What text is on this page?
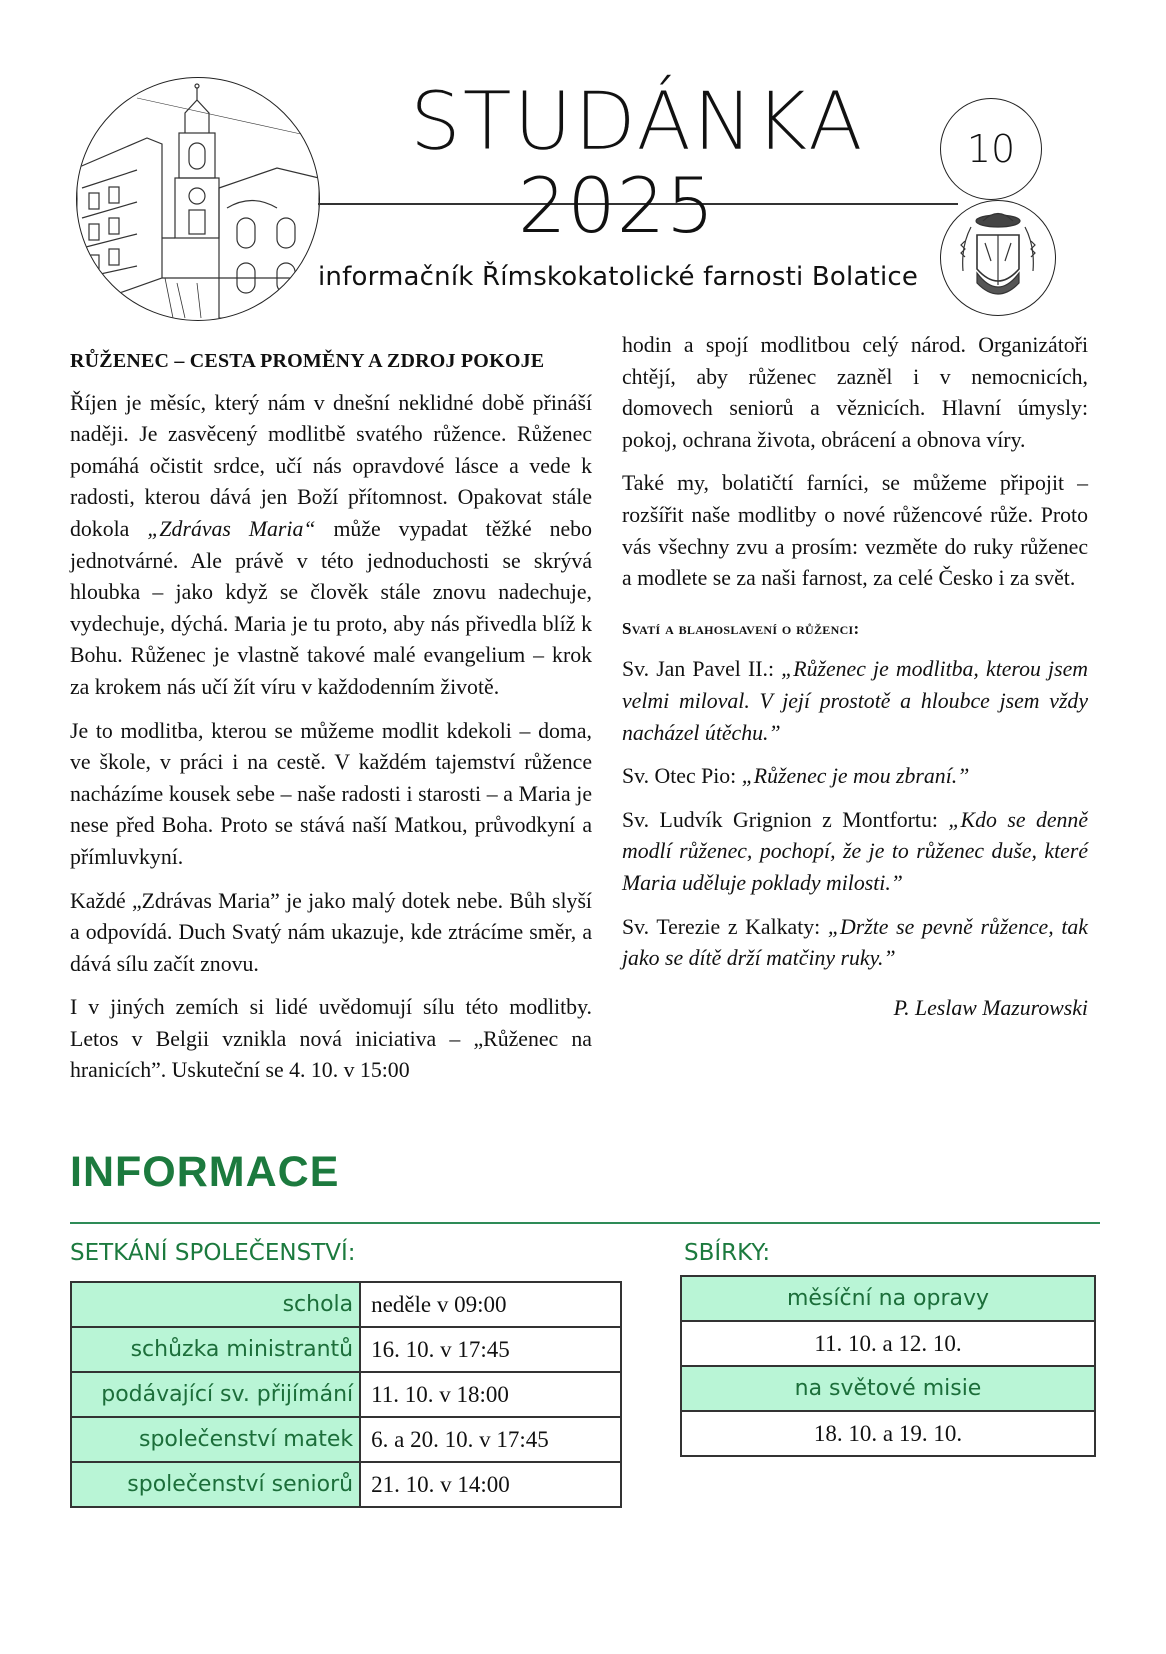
STUDÁNKA
2025
informačník Římskokatolické farnosti Bolatice
10
RŮŽENEC – CESTA PROMĚNY A ZDROJ POKOJE

Říjen je měsíc, který nám v dnešní neklidné době přináší naději. Je zasvěcený modlitbě svatého růžence. Růženec pomáhá očistit srdce, učí nás opravdové lásce a vede k radosti, kterou dává jen Boží přítomnost. Opakovat stále dokola „Zdrávas Maria“ může vypadat těžké nebo jednotvárné. Ale právě v této jednoduchosti se skrývá hloubka – jako když se člověk stále znovu nadechuje, vydechuje, dýchá. Maria je tu proto, aby nás přivedla blíž k Bohu. Růženec je vlastně takové malé evangelium – krok za krokem nás učí žít víru v každodenním životě.

Je to modlitba, kterou se můžeme modlit kdekoli – doma, ve škole, v práci i na cestě. V každém tajemství růžence nacházíme kousek sebe – naše radosti i starosti – a Maria je nese před Boha. Proto se stává naší Matkou, průvodkyní a přímluvkyní.

Každé „Zdrávas Maria” je jako malý dotek nebe. Bůh slyší a odpovídá. Duch Svatý nám ukazuje, kde ztrácíme směr, a dává sílu začít znovu.

I v jiných zemích si lidé uvědomují sílu této modlitby. Letos v Belgii vznikla nová iniciativa – „Růženec na hranicích”. Uskuteční se 4. 10. v 15:00

hodin a spojí modlitbou celý národ. Organizátoři chtějí, aby růženec zazněl i v nemocnicích, domovech seniorů a věznicích. Hlavní úmysly: pokoj, ochrana života, obrácení a obnova víry.

Také my, bolatičtí farníci, se můžeme připojit – rozšířit naše modlitby o nové růžencové růže. Proto vás všechny zvu a prosím: vezměte do ruky růženec a modlete se za naši farnost, za celé Česko i za svět.

Svatí a blahoslavení o růženci:

Sv. Jan Pavel II.: „Růženec je modlitba, kterou jsem velmi miloval. V její prostotě a hloubce jsem vždy nacházel útěchu.”

Sv. Otec Pio: „Růženec je mou zbraní.”

Sv. Ludvík Grignion z Montfortu: „Kdo se denně modlí růženec, pochopí, že je to růženec duše, které Maria uděluje poklady milosti.”

Sv. Terezie z Kalkaty: „Držte se pevně růžence, tak jako se dítě drží matčiny ruky.”

P. Leslaw Mazurowski
INFORMACE
SETKÁNÍ SPOLEČENSTVÍ:
schola	neděle v 09:00
schůzka ministrantů	16. 10. v 17:45
podávající sv. přijímání	11. 10. v 18:00
společenství matek	6. a 20. 10. v 17:45
společenství seniorů	21. 10. v 14:00
SBÍRKY:
měsíční na opravy
11. 10. a 12. 10.
na světové misie
18. 10. a 19. 10.
